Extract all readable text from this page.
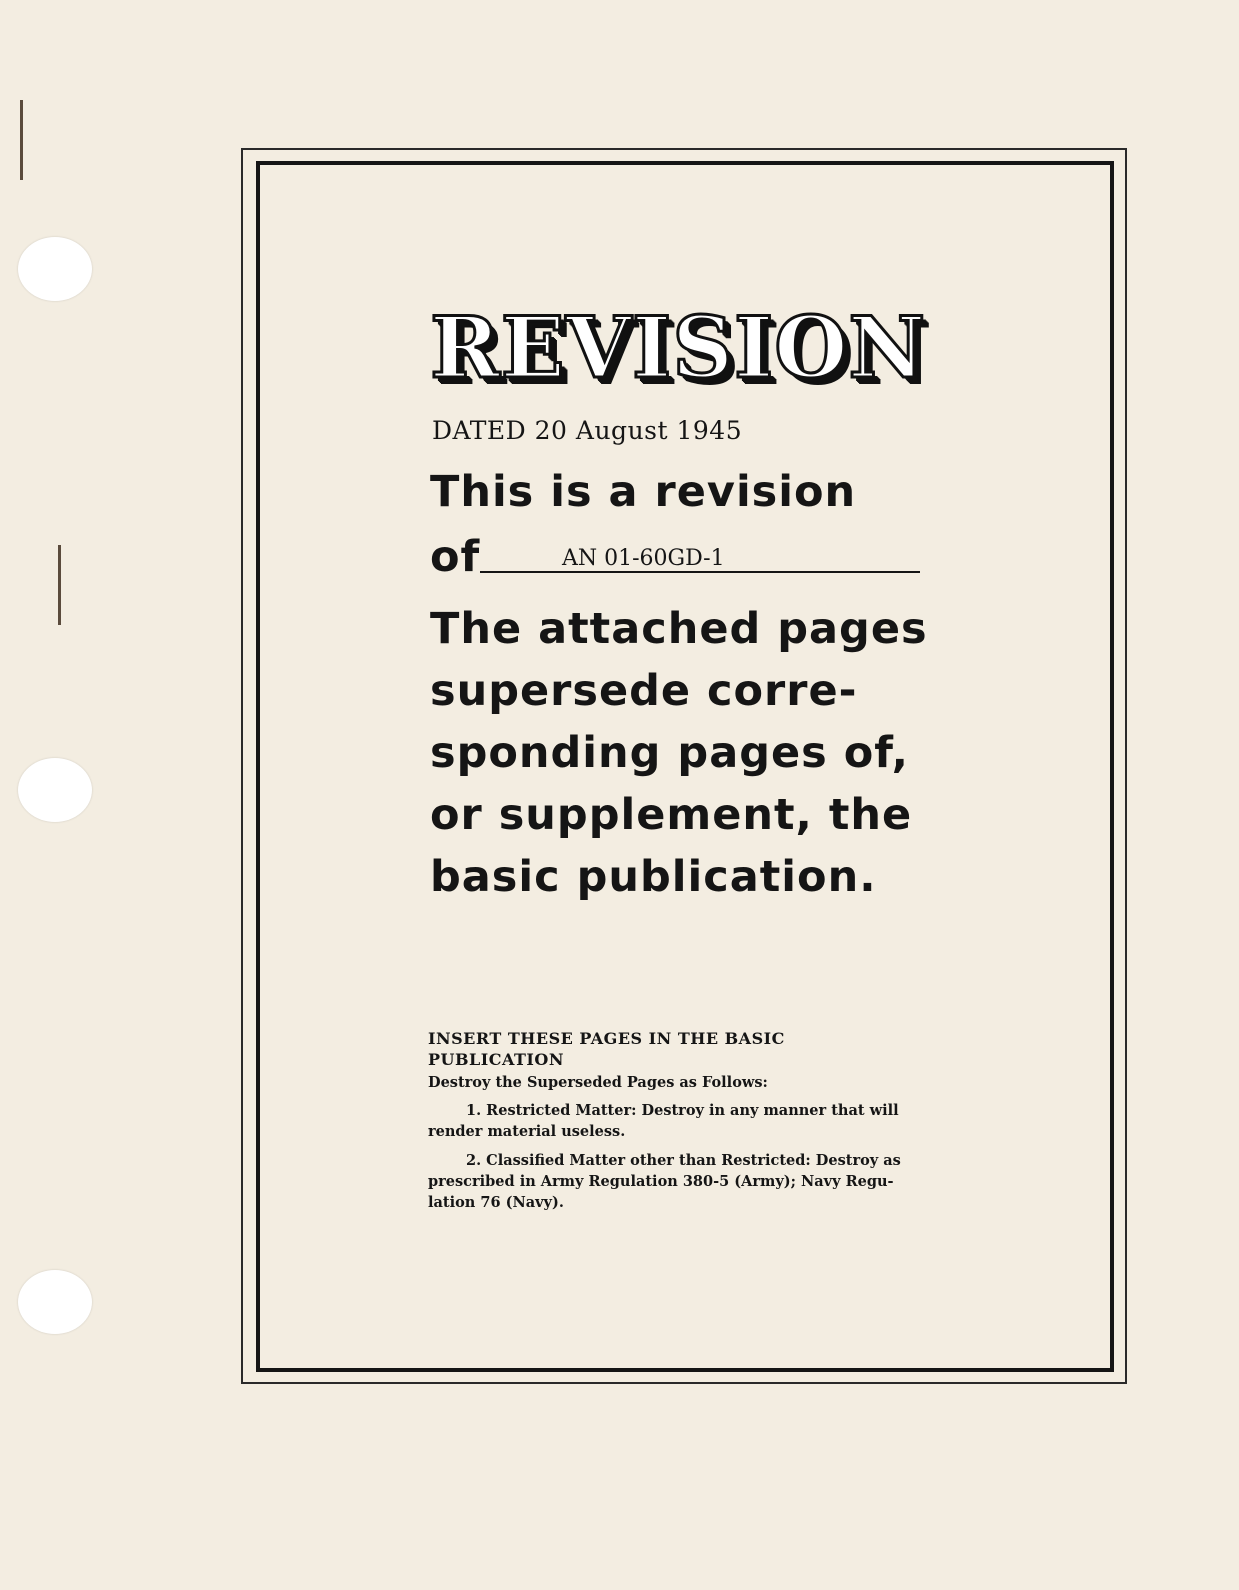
REVISION
DATED 20 August 1945

This is a revision

of	AN 01-60GD-1

The attached pages

supersede corre-

sponding pages of,

or supplement, the

basic publication.

INSERT THESE PAGES IN THE BASIC PUBLICATION
Destroy the Superseded Pages as Follows:
1. Restricted Matter: Destroy in any manner that will
render material useless.
2. Classified Matter other than Restricted: Destroy as
prescribed in Army Regulation 380-5 (Army); Navy Regu-
lation 76 (Navy).
